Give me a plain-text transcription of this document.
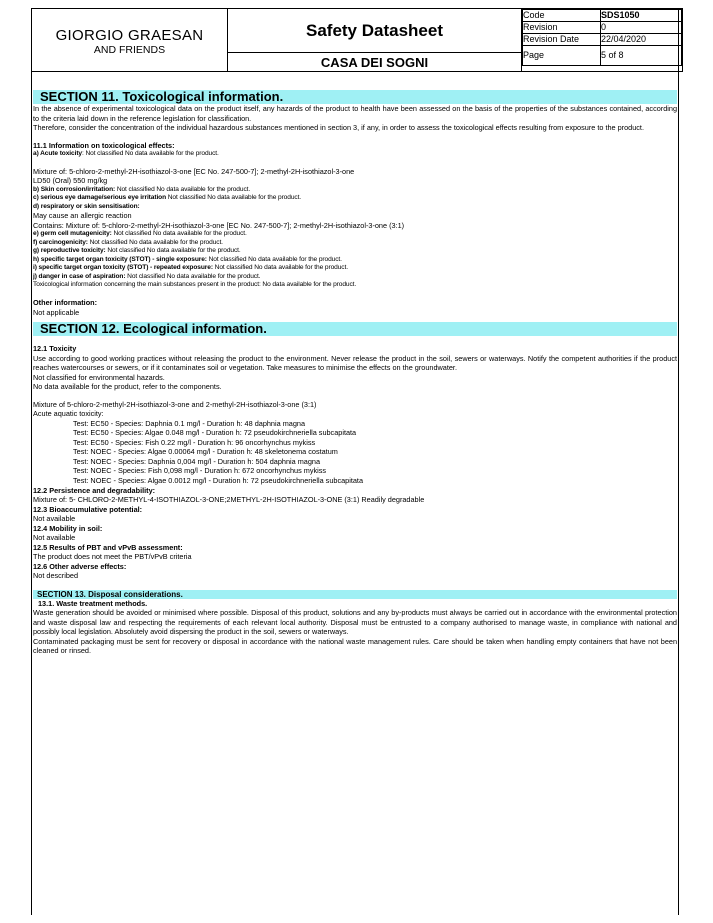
GIORGIO GRAESAN
AND FRIENDS
	Safety Datasheet	
Code	SDS1050
Revision	0
Revision Date	22/04/2020
Page	5 of 8

CASA DEI SOGNI
SECTION 11. Toxicological information.
In the absence of experimental toxicological data on the product itself, any hazards of the product to health have been assessed on the basis of the properties of the substances contained, according to the criteria laid down in the reference legislation for classification.
Therefore, consider the concentration of the individual hazardous substances mentioned in section 3, if any, in order to assess the toxicological effects resulting from exposure to the product.
11.1 Information on toxicological effects:
a) Acute toxicity: Not classified No data available for the product.
Mixture of: 5-chloro-2-methyl-2H-isothiazol-3-one [EC No. 247-500-7]; 2-methyl-2H-isothiazol-3-one
LD50 (Oral) 550 mg/kg
b) Skin corrosion/irritation: Not classified No data available for the product.
c) serious eye damage/serious eye irritation Not classified No data available for the product.
d) respiratory or skin sensitisation:
May cause an allergic reaction
Contains: Mixture of: 5-chloro-2-methyl-2H-isothiazol-3-one [EC No. 247-500-7]; 2-methyl-2H-isothiazol-3-one (3:1)
e) germ cell mutagenicity: Not classified No data available for the product.
f) carcinogenicity: Not classified No data available for the product.
g) reproductive toxicity: Not classified No data available for the product.
h) specific target organ toxicity (STOT) - single exposure: Not classified No data available for the product.
i) specific target organ toxicity (STOT) - repeated exposure: Not classified No data available for the product.
j) danger in case of aspiration: Not classified No data available for the product.
Toxicological information concerning the main substances present in the product: No data available for the product.
Other information:
Not applicable
SECTION 12. Ecological information.
12.1 Toxicity
Use according to good working practices without releasing the product to the environment. Never release the product in the soil, sewers or waterways. Notify the competent authorities if the product reaches watercourses or sewers, or if it contaminates soil or vegetation. Take measures to minimise the effects on the groundwater.
Not classified for environmental hazards.
No data available for the product, refer to the components.
Mixture of 5-chloro-2-methyl-2H-isothiazol-3-one and 2-methyl-2H-isothiazol-3-one (3:1)
Acute aquatic toxicity:
Test: EC50 - Species: Daphnia 0.1 mg/l - Duration h: 48 daphnia magna
Test: EC50 - Species: Algae 0.048 mg/l - Duration h: 72 pseudokirchneriella subcapitata
Test: EC50 - Species: Fish 0.22 mg/l - Duration h: 96 oncorhynchus mykiss
Test: NOEC - Species: Algae 0.00064 mg/l - Duration h: 48 skeletonema costatum
Test: NOEC - Species: Daphnia 0,004 mg/l - Duration h: 504 daphnia magna
Test: NOEC - Species: Fish 0,098 mg/l - Duration h: 672 oncorhynchus mykiss
Test: NOEC - Species: Algae 0.0012 mg/l - Duration h: 72 pseudokirchneriella subcapitata
12.2 Persistence and degradability:
Mixture of: 5- CHLORO-2-METHYL-4-ISOTHIAZOL-3-ONE;2METHYL-2H-ISOTHIAZOL-3-ONE (3:1) Readily degradable
12.3 Bioaccumulative potential:
Not available
12.4 Mobility in soil:
Not available
12.5 Results of PBT and vPvB assessment:
The product does not meet the PBT/vPvB criteria
12.6 Other adverse effects:
Not described
SECTION 13. Disposal considerations.
13.1. Waste treatment methods.
Waste generation should be avoided or minimised where possible. Disposal of this product, solutions and any by-products must always be carried out in accordance with the environmental protection and waste disposal law and respecting the requirements of each relevant local authority. Disposal must be entrusted to a company authorised to manage waste, in compliance with national and possibly local legislation. Absolutely avoid dispersing the product in the soil, sewers or waterways.
Contaminated packaging must be sent for recovery or disposal in accordance with the national waste management rules. Care should be taken when handling empty containers that have not been cleaned or rinsed.
